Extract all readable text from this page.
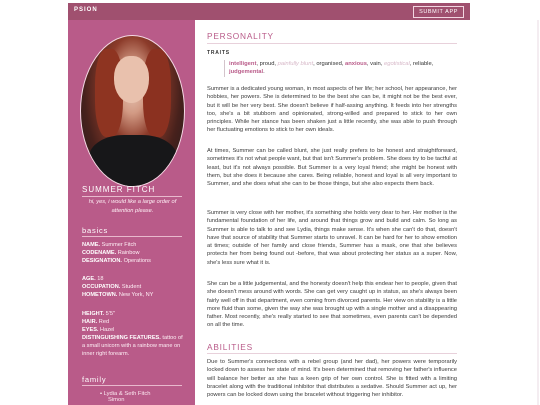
PSION	SUBMIT APP
SUMMER FITCH
hi, yes, i would like a large order of attention please.
basics
NAME. Summer Fitch
CODENAME. Rainbow
DESIGNATION. Operations
AGE. 18
OCCUPATION. Student
HOMETOWN. New York, NY
HEIGHT. 5'5"
HAIR. Red
EYES. Hazel
DISTINGUISHING FEATURES. tattoo of a small unicorn with a rainbow mane on inner right forearm.
family
• Lydia & Seth Fitch
Simon
PERSONALITY
TRAITS
intelligent, proud, painfully blunt, organised, anxious, vain, egotistical, reliable, judgemental.
Summer is a dedicated young woman, in most aspects of her life; her school, her appearance, her hobbies, her powers. She is determined to be the best she can be, it might not be the best ever, but it will be her very best. She doesn't believe if half-assing anything. It feeds into her strengths too, she's a bit stubborn and opinionated, strong-willed and prepared to stick to her own principles. While her stance has been shaken just a little recently, she was able to push through her fluctuating emotions to stick to her own ideals.
At times, Summer can be called blunt, she just really prefers to be honest and straightforward, sometimes it's not what people want, but that isn't Summer's problem. She does try to be tactful at least, but it's not always possible. But Summer is a very loyal friend; she might be honest with them, but she does it because she cares. Being reliable, honest and loyal is all very important to Summer, and she does what she can to be those things, but she also expects them back.
Summer is very close with her mother, it's something she holds very dear to her. Her mother is the fundamental foundation of her life, and around that things grow and build and calm. So long as Summer is able to talk to and see Lydia, things make sense. It's when she can't do that, doesn't have that source of stability that Summer starts to unravel. It can be hard for her to show emotion at times; outside of her family and close friends, Summer has a mask, one that she believes protects her from being found out -before, that was about protecting her status as a super. Now, she's less sure what it is.
She can be a little judgemental, and the honesty doesn't help this endear her to people, given that she doesn't mess around with words. She can get very caught up in status, as she's always been fairly well off in that department, even coming from divorced parents. Her view on stability is a little more fluid than some, given the way she was brought up with a single mother and a disappearing father. Most recently, she's really started to see that sometimes, even parents can't be depended on all the time.
ABILITIES
Due to Summer's connections with a rebel group (and her dad), her powers were temporarily locked down to assess her state of mind. It's been determined that removing her father's influence will balance her better as she has a keen grip of her own control. She is fitted with a limiting bracelet along with the traditional inhibitor that distributes a sedative. Should Summer act up, her powers can be locked down using the bracelet without triggering her inhibitor.
